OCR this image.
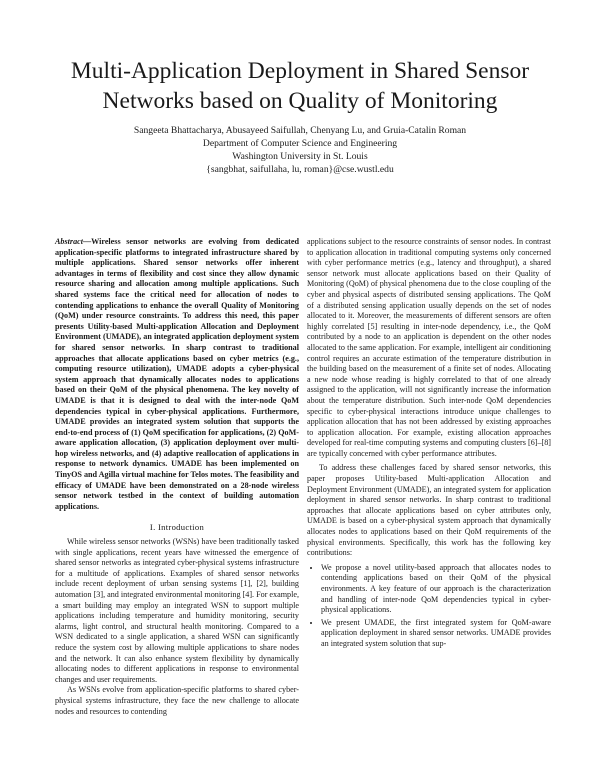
Multi-Application Deployment in Shared Sensor
Networks based on Quality of Monitoring
Sangeeta Bhattacharya, Abusayeed Saifullah, Chenyang Lu, and Gruia-Catalin Roman
Department of Computer Science and Engineering
Washington University in St. Louis
{sangbhat, saifullaha, lu, roman}@cse.wustl.edu
Abstract—Wireless sensor networks are evolving from dedicated application-specific platforms to integrated infrastructure shared by multiple applications. Shared sensor networks offer inherent advantages in terms of flexibility and cost since they allow dynamic resource sharing and allocation among multiple applications. Such shared systems face the critical need for allocation of nodes to contending applications to enhance the overall Quality of Monitoring (QoM) under resource constraints. To address this need, this paper presents Utility-based Multi-application Allocation and Deployment Environment (UMADE), an integrated application deployment system for shared sensor networks. In sharp contrast to traditional approaches that allocate applications based on cyber metrics (e.g., computing resource utilization), UMADE adopts a cyber-physical system approach that dynamically allocates nodes to applications based on their QoM of the physical phenomena. The key novelty of UMADE is that it is designed to deal with the inter-node QoM dependencies typical in cyber-physical applications. Furthermore, UMADE provides an integrated system solution that supports the end-to-end process of (1) QoM specification for applications, (2) QoM-aware application allocation, (3) application deployment over multi-hop wireless networks, and (4) adaptive reallocation of applications in response to network dynamics. UMADE has been implemented on TinyOS and Agilla virtual machine for Telos motes. The feasibility and efficacy of UMADE have been demonstrated on a 28-node wireless sensor network testbed in the context of building automation applications.
I. Introduction

While wireless sensor networks (WSNs) have been traditionally tasked with single applications, recent years have witnessed the emergence of shared sensor networks as integrated cyber-physical systems infrastructure for a multitude of applications. Examples of shared sensor networks include recent deployment of urban sensing systems [1], [2], building automation [3], and integrated environmental monitoring [4]. For example, a smart building may employ an integrated WSN to support multiple applications including temperature and humidity monitoring, security alarms, light control, and structural health monitoring. Compared to a WSN dedicated to a single application, a shared WSN can significantly reduce the system cost by allowing multiple applications to share nodes and the network. It can also enhance system flexibility by dynamically allocating nodes to different applications in response to environmental changes and user requirements.

As WSNs evolve from application-specific platforms to shared cyber-physical systems infrastructure, they face the new challenge to allocate nodes and resources to contending

applications subject to the resource constraints of sensor nodes. In contrast to application allocation in traditional computing systems only concerned with cyber performance metrics (e.g., latency and throughput), a shared sensor network must allocate applications based on their Quality of Monitoring (QoM) of physical phenomena due to the close coupling of the cyber and physical aspects of distributed sensing applications. The QoM of a distributed sensing application usually depends on the set of nodes allocated to it. Moreover, the measurements of different sensors are often highly correlated [5] resulting in inter-node dependency, i.e., the QoM contributed by a node to an application is dependent on the other nodes allocated to the same application. For example, intelligent air conditioning control requires an accurate estimation of the temperature distribution in the building based on the measurement of a finite set of nodes. Allocating a new node whose reading is highly correlated to that of one already assigned to the application, will not significantly increase the information about the temperature distribution. Such inter-node QoM dependencies specific to cyber-physical interactions introduce unique challenges to application allocation that has not been addressed by existing approaches to application allocation. For example, existing allocation approaches developed for real-time computing systems and computing clusters [6]–[8] are typically concerned with cyber performance attributes.

To address these challenges faced by shared sensor networks, this paper proposes Utility-based Multi-application Allocation and Deployment Environment (UMADE), an integrated system for application deployment in shared sensor networks. In sharp contrast to traditional approaches that allocate applications based on cyber attributes only, UMADE is based on a cyber-physical system approach that dynamically allocates nodes to applications based on their QoM requirements of the physical environments. Specifically, this work has the following key contributions:

• We propose a novel utility-based approach that allocates nodes to contending applications based on their QoM of the physical environments. A key feature of our approach is the characterization and handling of inter-node QoM dependencies typical in cyber-physical applications.
• We present UMADE, the first integrated system for QoM-aware application deployment in shared sensor networks. UMADE provides an integrated system solution that sup-
